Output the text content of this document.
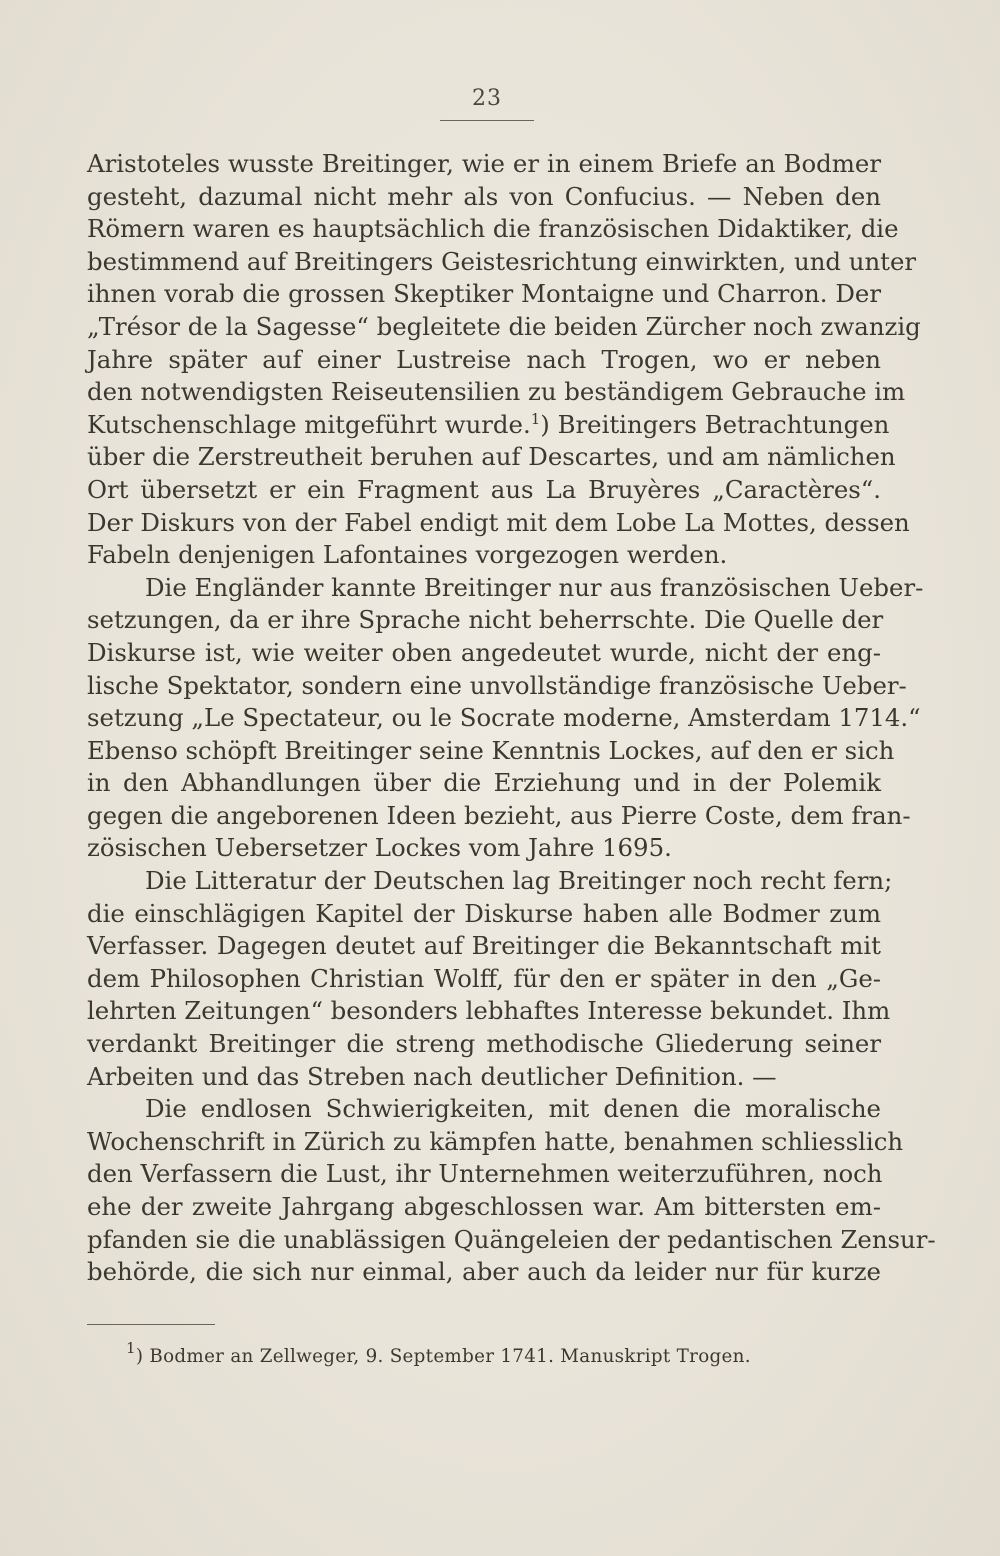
23
Aristoteles wusste Breitinger, wie er in einem Briefe an Bodmer
gesteht, dazumal nicht mehr als von Confucius. — Neben den
Römern waren es hauptsächlich die französischen Didaktiker, die
bestimmend auf Breitingers Geistesrichtung einwirkten, und unter
ihnen vorab die grossen Skeptiker Montaigne und Charron. Der
„Trésor de la Sagesse“ begleitete die beiden Zürcher noch zwanzig
Jahre später auf einer Lustreise nach Trogen, wo er neben
den notwendigsten Reiseutensilien zu beständigem Gebrauche im
Kutschenschlage mitgeführt wurde.$^1$) Breitingers Betrachtungen
über die Zerstreutheit beruhen auf Descartes, und am nämlichen
Ort übersetzt er ein Fragment aus La Bruyères „Caractères“.
Der Diskurs von der Fabel endigt mit dem Lobe La Mottes, dessen
Fabeln denjenigen Lafontaines vorgezogen werden.
Die Engländer kannte Breitinger nur aus französischen Ueber-
setzungen, da er ihre Sprache nicht beherrschte. Die Quelle der
Diskurse ist, wie weiter oben angedeutet wurde, nicht der eng-
lische Spektator, sondern eine unvollständige französische Ueber-
setzung „Le Spectateur, ou le Socrate moderne, Amsterdam 1714.“
Ebenso schöpft Breitinger seine Kenntnis Lockes, auf den er sich
in den Abhandlungen über die Erziehung und in der Polemik
gegen die angeborenen Ideen bezieht, aus Pierre Coste, dem fran-
zösischen Uebersetzer Lockes vom Jahre 1695.
Die Litteratur der Deutschen lag Breitinger noch recht fern;
die einschlägigen Kapitel der Diskurse haben alle Bodmer zum
Verfasser. Dagegen deutet auf Breitinger die Bekanntschaft mit
dem Philosophen Christian Wolff, für den er später in den „Ge-
lehrten Zeitungen“ besonders lebhaftes Interesse bekundet. Ihm
verdankt Breitinger die streng methodische Gliederung seiner
Arbeiten und das Streben nach deutlicher Definition. —
Die endlosen Schwierigkeiten, mit denen die moralische
Wochenschrift in Zürich zu kämpfen hatte, benahmen schliesslich
den Verfassern die Lust, ihr Unternehmen weiterzuführen, noch
ehe der zweite Jahrgang abgeschlossen war. Am bittersten em-
pfanden sie die unablässigen Quängeleien der pedantischen Zensur-
behörde, die sich nur einmal, aber auch da leider nur für kurze
$^1$) Bodmer an Zellweger, 9. September 1741. Manuskript Trogen.
